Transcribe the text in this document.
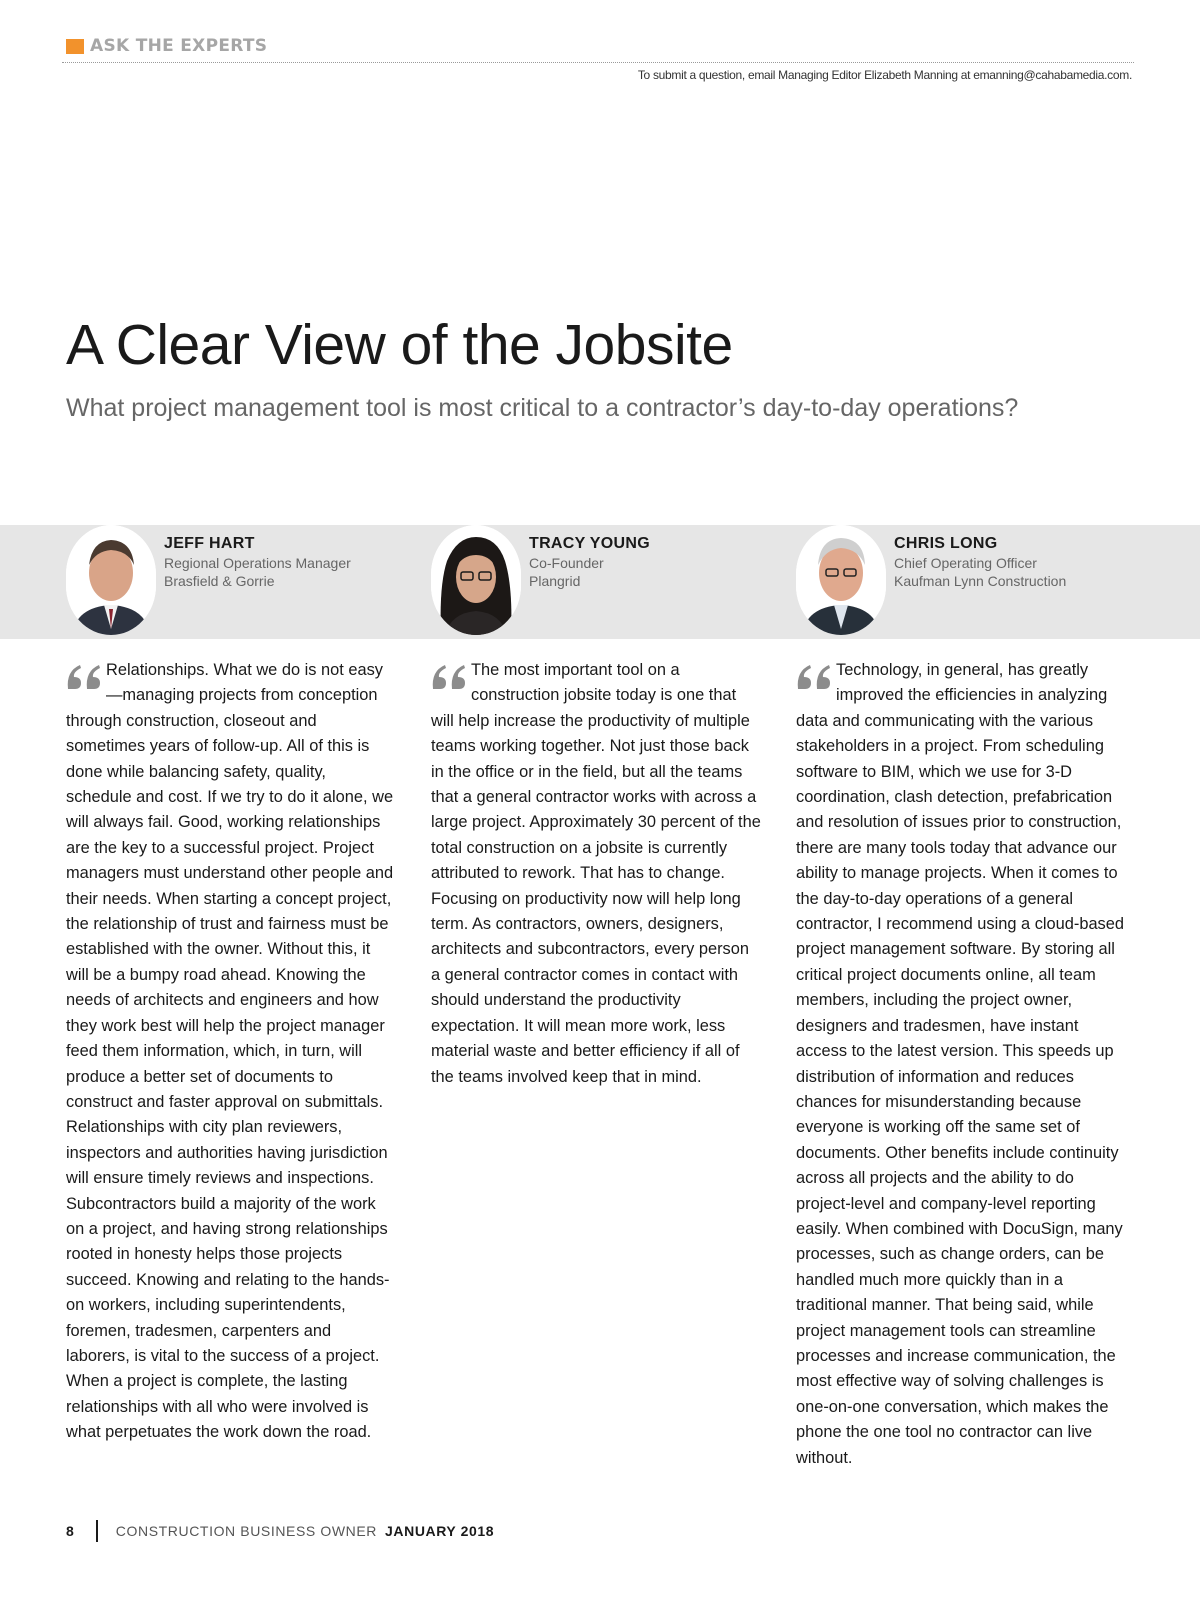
ASK THE EXPERTS
To submit a question, email Managing Editor Elizabeth Manning at emanning@cahabamedia.com.
A Clear View of the Jobsite
What project management tool is most critical to a contractor’s day-to-day operations?
JEFF HART
Regional Operations Manager
Brasfield & Gorrie
TRACY YOUNG
Co-Founder
Plangrid
CHRIS LONG
Chief Operating Officer
Kaufman Lynn Construction

Relationships. What we do is not easy—managing projects from conception through construction, closeout and sometimes years of follow-up. All of this is done while balancing safety, quality, schedule and cost. If we try to do it alone, we will always fail. Good, working relationships are the key to a successful project. Project managers must understand other people and their needs. When starting a concept project, the relationship of trust and fairness must be established with the owner. Without this, it will be a bumpy road ahead. Knowing the needs of architects and engineers and how they work best will help the project manager feed them information, which, in turn, will produce a better set of documents to construct and faster approval on submittals. Relationships with city plan reviewers, inspectors and authorities having jurisdiction will ensure timely reviews and inspections. Subcontractors build a majority of the work on a project, and having strong relationships rooted in honesty helps those projects succeed. Knowing and relating to the hands-on workers, including superintendents, foremen, tradesmen, carpenters and laborers, is vital to the success of a project. When a project is complete, the lasting relationships with all who were involved is what perpetuates the work down the road.

The most important tool on a construction jobsite today is one that will help increase the productivity of multiple teams working together. Not just those back in the office or in the field, but all the teams that a general contractor works with across a large project. Approximately 30 percent of the total construction on a jobsite is currently attributed to rework. That has to change. Focusing on productivity now will help long term. As contractors, owners, designers, architects and subcontractors, every person a general contractor comes in contact with should understand the productivity expectation. It will mean more work, less material waste and better efficiency if all of the teams involved keep that in mind.

Technology, in general, has greatly improved the efficiencies in analyzing data and communicating with the various stakeholders in a project. From scheduling software to BIM, which we use for 3-D coordination, clash detection, prefabrication and resolution of issues prior to construction, there are many tools today that advance our ability to manage projects. When it comes to the day-to-day operations of a general contractor, I recommend using a cloud-based project management software. By storing all critical project documents online, all team members, including the project owner, designers and tradesmen, have instant access to the latest version. This speeds up distribution of information and reduces chances for misunderstanding because everyone is working off the same set of documents. Other benefits include continuity across all projects and the ability to do project-level and company-level reporting easily. When combined with DocuSign, many processes, such as change orders, can be handled much more quickly than in a traditional manner. That being said, while project management tools can streamline processes and increase communication, the most effective way of solving challenges is one-on-one conversation, which makes the phone the one tool no contractor can live without.

8	CONSTRUCTION BUSINESS OWNER JANUARY 2018
